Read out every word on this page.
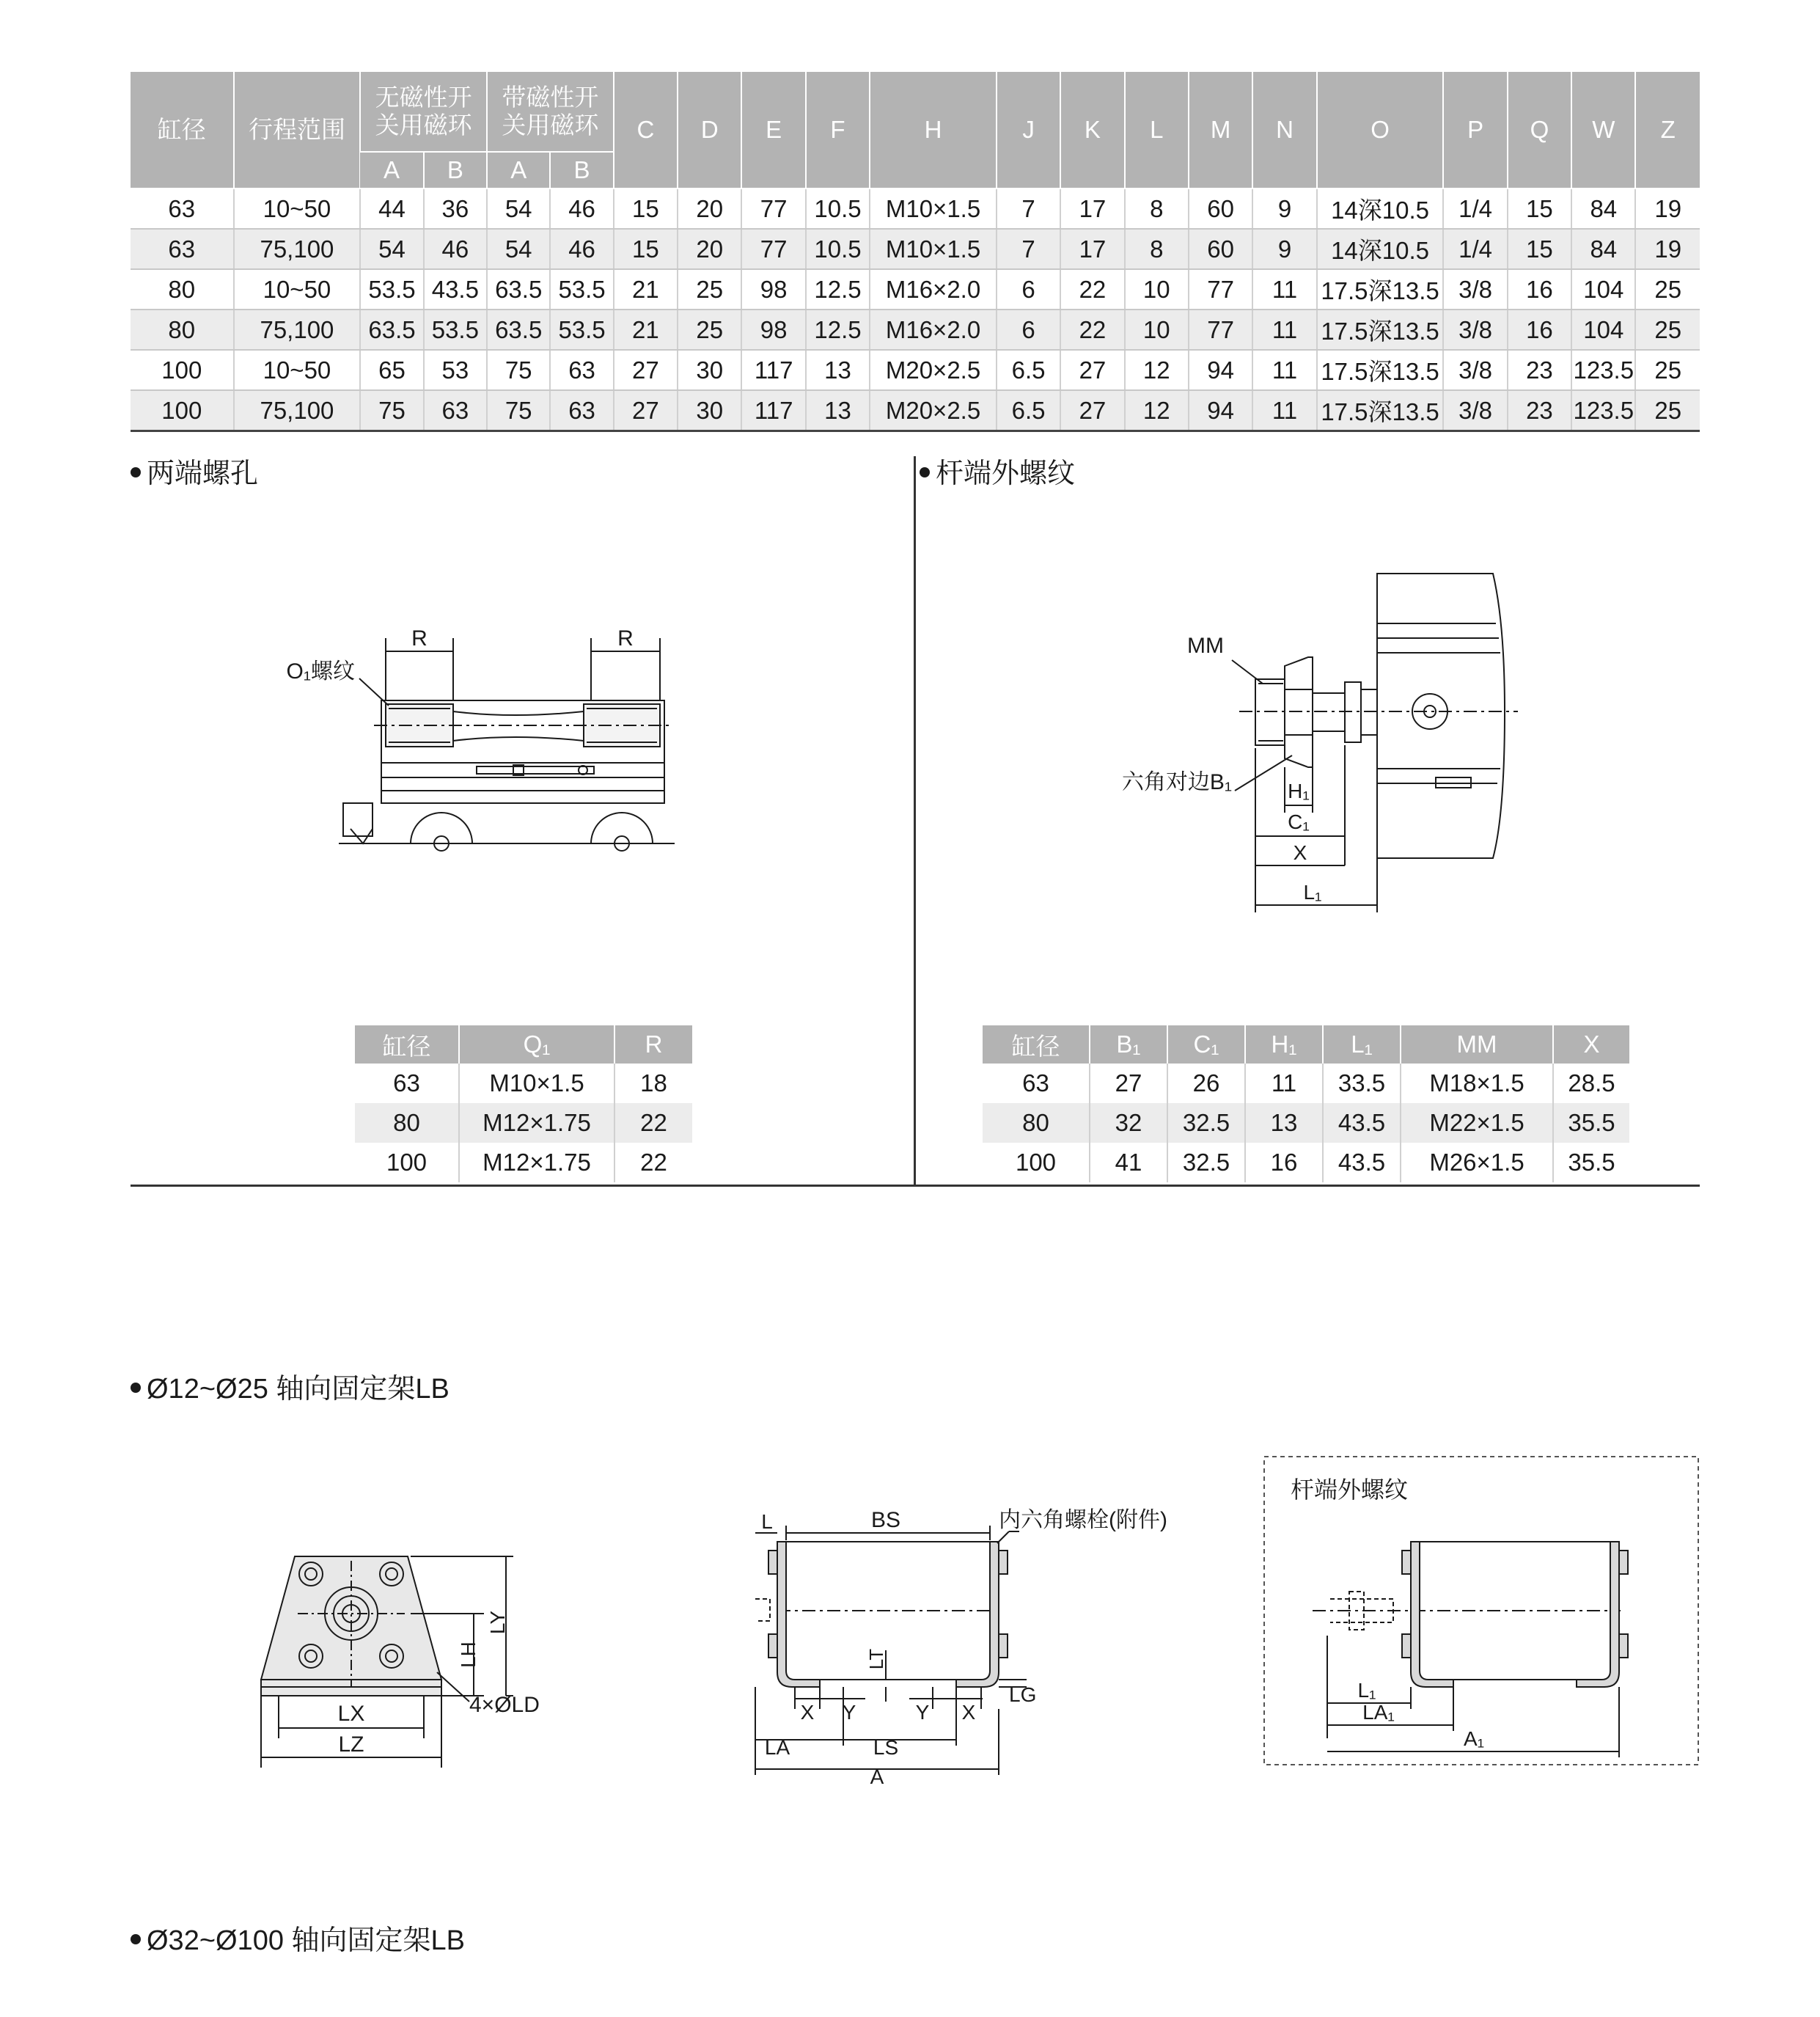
缸径	行程范围	无磁性开关用磁环		带磁性开关用磁环		C	D	E	F	H	J	K	L	M	N	O	P	Q	W	Z
		A	B	A	B															
63	10~50	44	36	54	46	15	20	77	10.5	M10×1.5	7	17	8	60	9	14深10.5	1/4	15	84	19
63	75,100	54	46	54	46	15	20	77	10.5	M10×1.5	7	17	8	60	9	14深10.5	1/4	15	84	19
80	10~50	53.5	43.5	63.5	53.5	21	25	98	12.5	M16×2.0	6	22	10	77	11	17.5深13.5	3/8	16	104	25
80	75,100	63.5	53.5	63.5	53.5	21	25	98	12.5	M16×2.0	6	22	10	77	11	17.5深13.5	3/8	16	104	25
100	10~50	65	53	75	63	27	30	117	13	M20×2.5	6.5	27	12	94	11	17.5深13.5	3/8	23	123.5	25
100	75,100	75	63	75	63	27	30	117	13	M20×2.5	6.5	27	12	94	11	17.5深13.5	3/8	23	123.5	25
两端螺孔
R	R
O₁螺纹
缸径	Q₁	R
63	M10×1.5	18
80	M12×1.75	22
100	M12×1.75	22
杆端外螺纹
MM
六角对边B₁	H₁
C₁
X
L₁
缸径	B₁	C₁	H₁	L₁	MM	X
63	27	26	11	33.5	M18×1.5	28.5
80	32	32.5	13	43.5	M22×1.5	35.5
100	41	32.5	16	43.5	M26×1.5	35.5
Ø12~Ø25 轴向固定架LB
LX
LZ
LH
LY
4×ØLD
L	BS	内六角螺栓(附件)
LT
X Y	Y X
LG
LA	LS
A
杆端外螺纹
L₁
LA₁
A₁
Ø32~Ø100 轴向固定架LB
